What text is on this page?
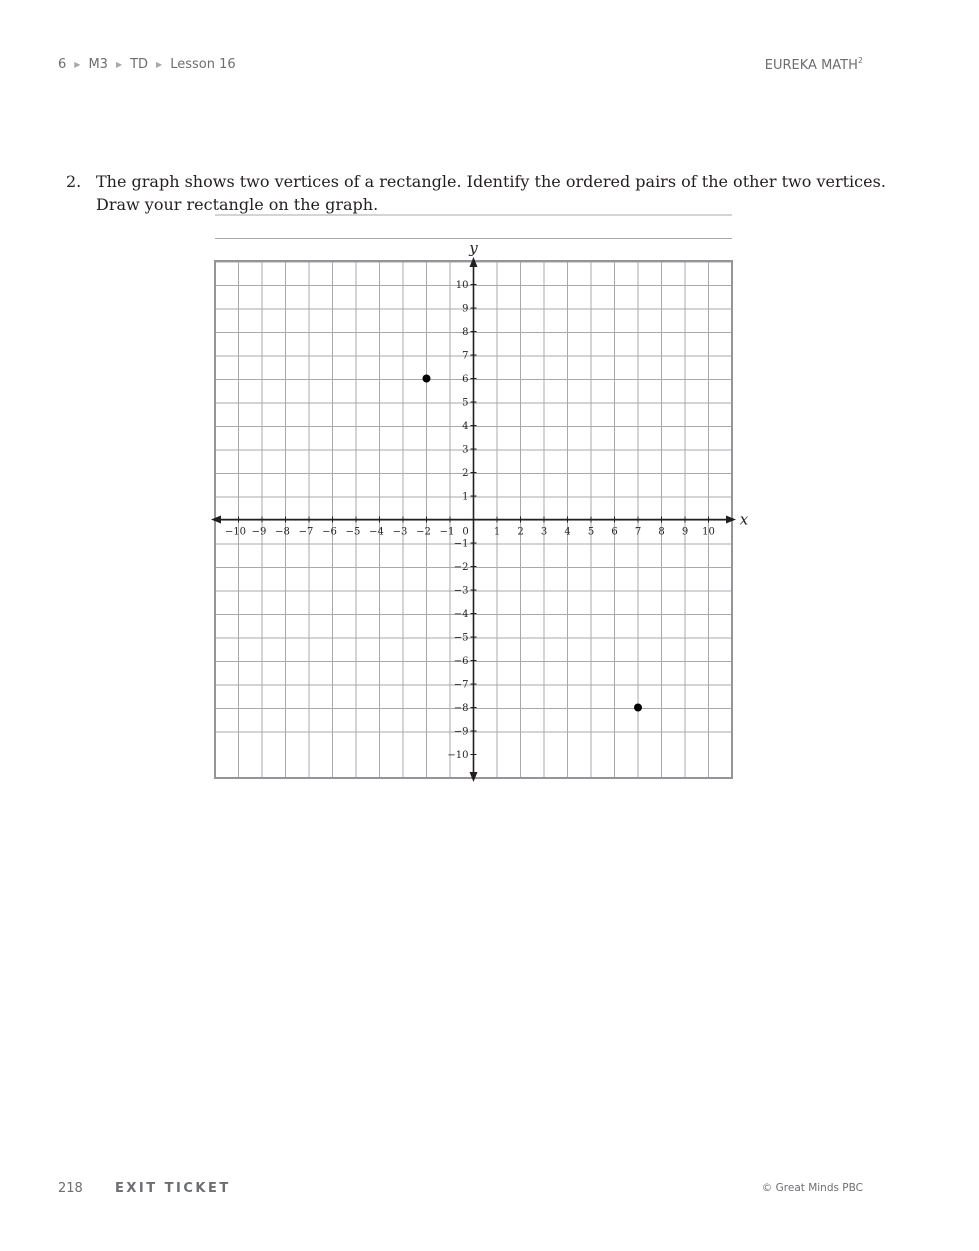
6 ▶ M3 ▶ TD ▶ Lesson 16	EUREKA MATH$^2$
2. The graph shows two vertices of a rectangle. Identify the ordered pairs of the other two vertices. Draw your rectangle on the graph.
x
y
−10 −9 −8 −7 −6 −5 −4 −3 −2 −1 0	1 2 3 4 5 6 7 8 9 10
10
9
8
7
6
5
4
3
2
1
−1
−2
−3
−4
−5
−6
−7
−8
−9
−10
218	EXIT TICKET	© Great Minds PBC
